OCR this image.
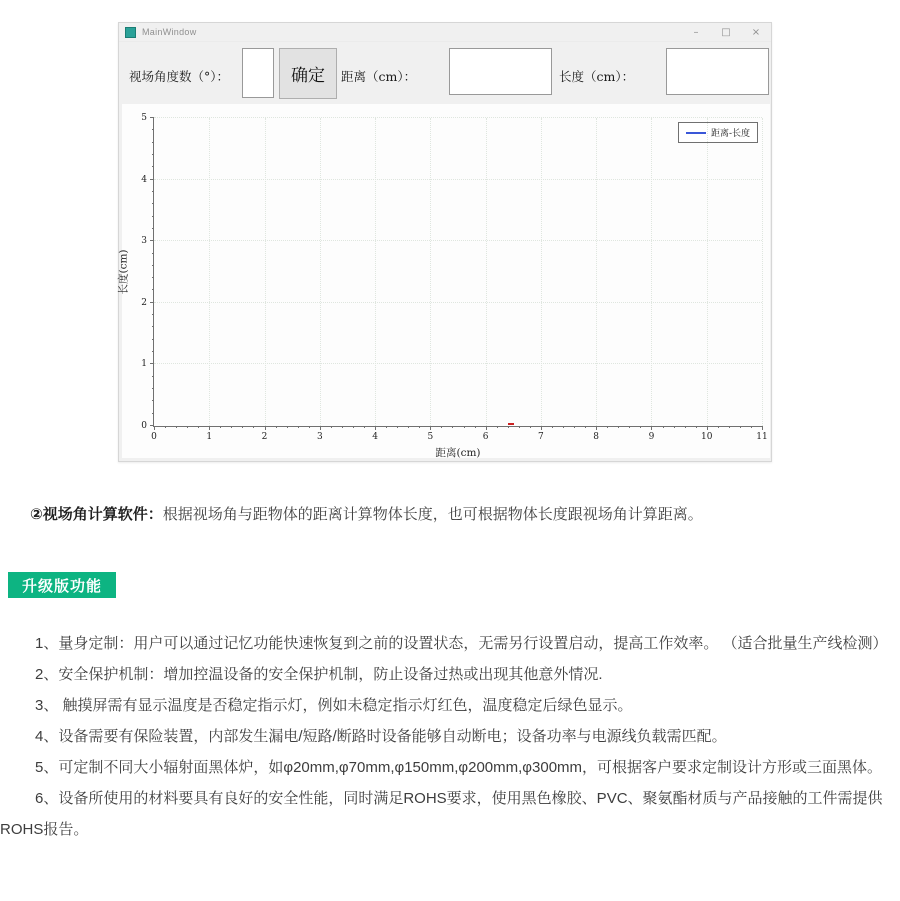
MainWindow	–	□	×
视场角度数（°）：	确定	距离（cm）：	长度（cm）：
长度(cm)
距离(cm)
距离-长度
0	1	2	3	4	5	6	7	8	9	10	11
0
1
2
3
4
5
②视场角计算软件：根据视场角与距物体的距离计算物体长度，也可根据物体长度跟视场角计算距离。
升级版功能

1、量身定制：用户可以通过记忆功能快速恢复到之前的设置状态，无需另行设置启动，提高工作效率。 （适合批量生产线检测）

2、安全保护机制：增加控温设备的安全保护机制，防止设备过热或出现其他意外情况.

3、 触摸屏需有显示温度是否稳定指示灯，例如未稳定指示灯红色，温度稳定后绿色显示。

4、设备需要有保险装置，内部发生漏电/短路/断路时设备能够自动断电；设备功率与电源线负载需匹配。

5、可定制不同大小辐射面黑体炉，如φ20mm,φ70mm,φ150mm,φ200mm,φ300mm，可根据客户要求定制设计方形或三面黑体。

6、设备所使用的材料要具有良好的安全性能，同时满足ROHS要求，使用黑色橡胶、PVC、聚氨酯材质与产品接触的工件需提供ROHS报告。
